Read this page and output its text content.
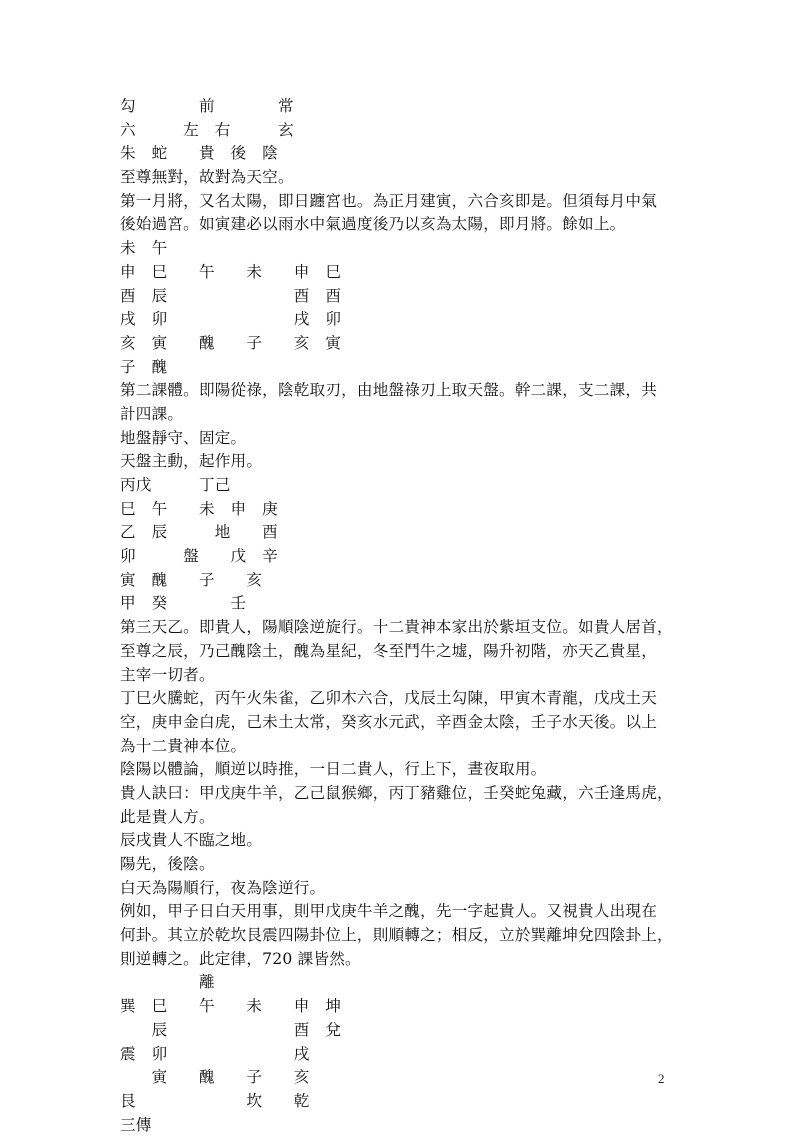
勾　　　　前　　　　常
六　　　左　右　　　玄
朱　蛇　　貴　後　陰
至尊無對，故對為天空。
第一月將，又名太陽，即日躔宮也。為正月建寅，六合亥即是。但須每月中氣
後始過宮。如寅建必以雨水中氣過度後乃以亥為太陽，即月將。餘如上。
未　午
申　巳　　午　　未　　申　巳
酉　辰　　　　　　　　酉　酉
戌　卯　　　　　　　　戌　卯
亥　寅　　醜　　子　　亥　寅
子　醜
第二課體。即陽從祿，陰乾取刃，由地盤祿刃上取天盤。幹二課，支二課，共
計四課。
地盤靜守、固定。
天盤主動，起作用。
丙戊　　　丁己
巳　午　　未　申　庚
乙　辰　　　地　　酉
卯　　　盤　　戊　辛
寅　醜　　子　　亥
甲　癸　　　　壬
第三天乙。即貴人，陽順陰逆旋行。十二貴神本家出於紫垣支位。如貴人居首，
至尊之辰，乃己醜陰土，醜為星紀，冬至鬥牛之墟，陽升初階，亦天乙貴星，
主宰一切者。
丁巳火騰蛇，丙午火朱雀，乙卯木六合，戊辰土勾陳，甲寅木青龍，戊戌土天
空，庚申金白虎，己未土太常，癸亥水元武，辛酉金太陰，壬子水天後。以上
為十二貴神本位。
陰陽以體論，順逆以時推，一日二貴人，行上下，晝夜取用。
貴人訣曰：甲戊庚牛羊，乙己鼠猴鄉，丙丁豬雞位，壬癸蛇兔藏，六壬逢馬虎，
此是貴人方。
辰戌貴人不臨之地。
陽先，後陰。
白天為陽順行，夜為陰逆行。
例如，甲子日白天用事，則甲戊庚牛羊之醜，先一字起貴人。又視貴人出現在
何卦。其立於乾坎艮震四陽卦位上，則順轉之；相反，立於巽離坤兌四陰卦上，
則逆轉之。此定律，720 課皆然。
　　　　　離
巽　巳　　午　　未　　申　坤
　　辰　　　　　　　　酉　兌
震　卯　　　　　　　　戌
　　寅　　醜　　子　　亥
艮　　　　　　　坎　　乾
三傳
2
